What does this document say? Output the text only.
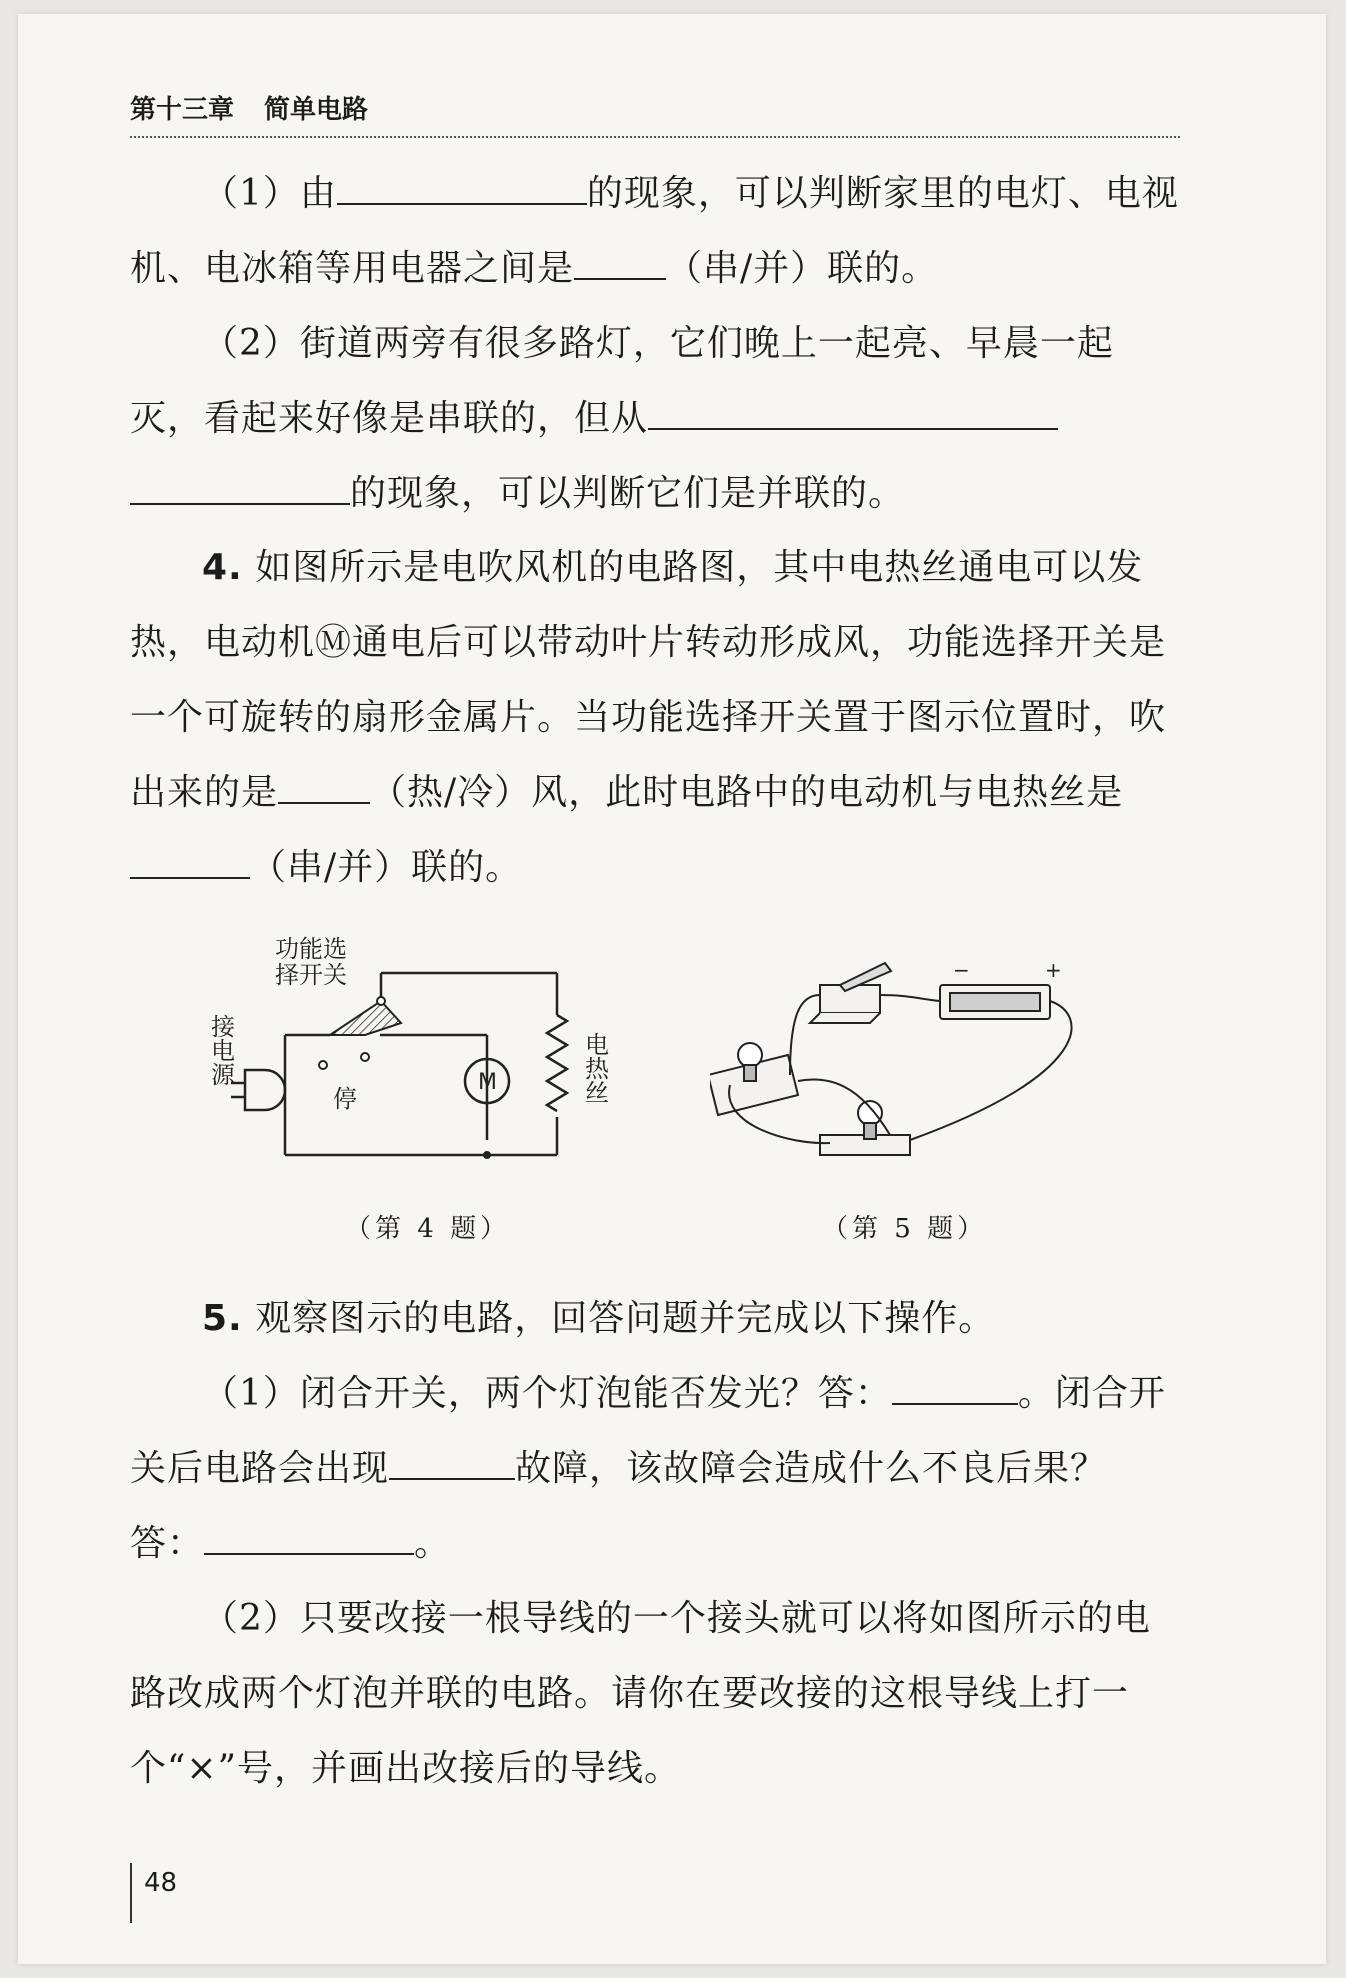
第十三章 简单电路

（1）由	的现象，可以判断家里的电灯、电视机、电冰箱等用电器之间是	（串/并）联的。

（2）街道两旁有很多路灯，它们晚上一起亮、早晨一起灭，看起来好像是串联的，但从的现象，可以判断它们是并联的。

4. 如图所示是电吹风机的电路图，其中电热丝通电可以发热，电动机Ⓜ通电后可以带动叶片转动形成风，功能选择开关是一个可旋转的扇形金属片。当功能选择开关置于图示位置时，吹出来的是	（热/冷）风，此时电路中的电动机与电热丝是（串/并）联的。

功能选
择开关
接
电
源
停
M
电
热
丝
（第 4 题）
−	+
（第 5 题）

5. 观察图示的电路，回答问题并完成以下操作。

（1）闭合开关，两个灯泡能否发光？答：	。闭合开关后电路会出现	故障，该故障会造成什么不良后果？答：	。

（2）只要改接一根导线的一个接头就可以将如图所示的电路改成两个灯泡并联的电路。请你在要改接的这根导线上打一个“×”号，并画出改接后的导线。

48
